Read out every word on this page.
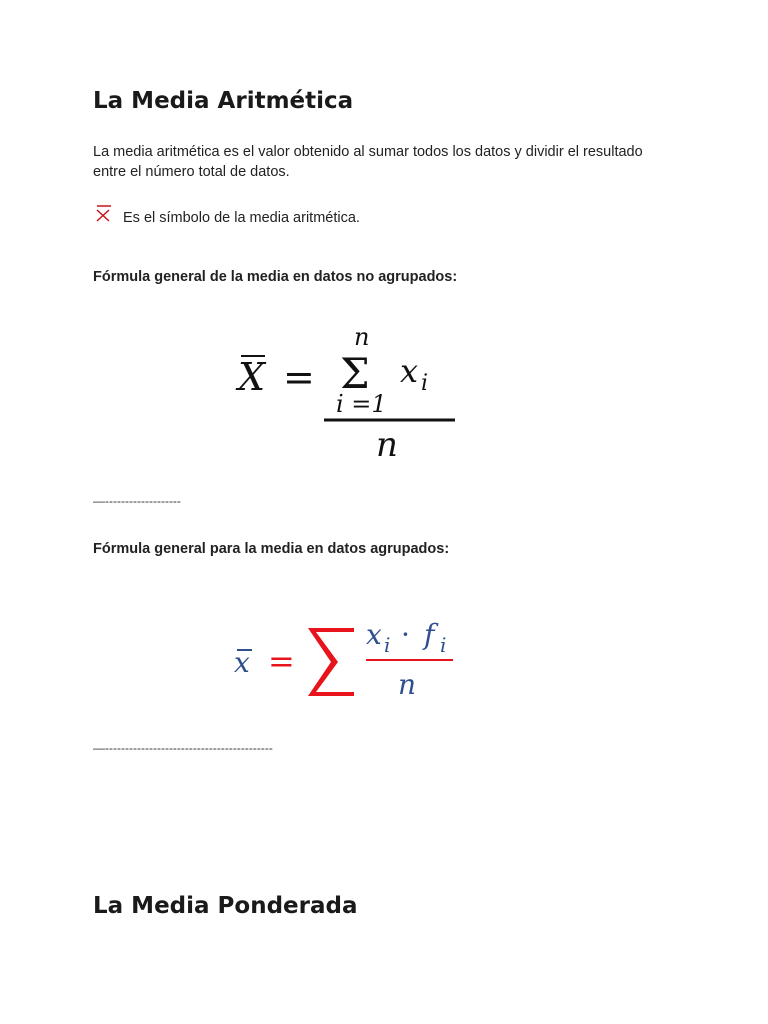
La Media Aritmética
La media aritmética es el valor obtenido al sumar todos los datos y dividir el resultado entre el número total de datos.
Es el símbolo de la media aritmética.
Fórmula general de la media en datos no agrupados:
X = Σ
n
i =1
x i
n
—-------------------
Fórmula general para la media en datos agrupados:
x =
x i · f i
n
—------------------------------------------
La Media Ponderada
